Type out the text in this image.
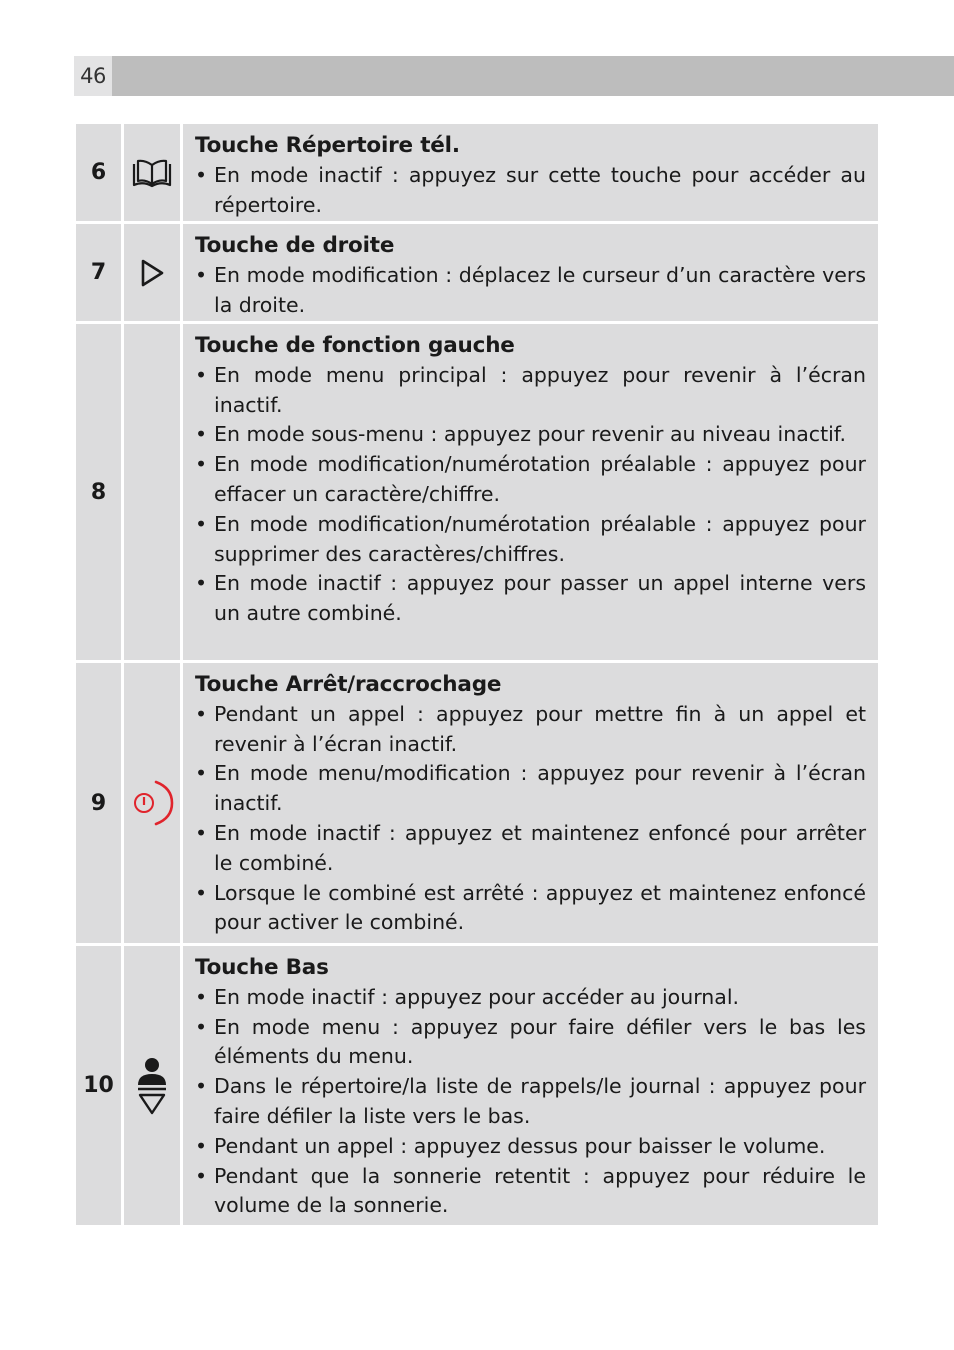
46
6
Touche Répertoire tél.
• En mode inactif : appuyez sur cette touche pour accéder au répertoire.
7
Touche de droite
• En mode modification : déplacez le curseur d’un caractère vers la droite.
8
Touche de fonction gauche
• En mode menu principal : appuyez pour revenir à l’écran inactif.
• En mode sous-menu : appuyez pour revenir au niveau inactif.
• En mode modification/numérotation préalable : appuyez pour effacer un caractère/chiffre.
• En mode modification/numérotation préalable : appuyez pour supprimer des caractères/chiffres.
• En mode inactif : appuyez pour passer un appel interne vers un autre combiné.
9
Touche Arrêt/raccrochage
• Pendant un appel : appuyez pour mettre fin à un appel et revenir à l’écran inactif.
• En mode menu/modification : appuyez pour revenir à l’écran inactif.
• En mode inactif : appuyez et maintenez enfoncé pour arrêter le combiné.
• Lorsque le combiné est arrêté : appuyez et maintenez enfoncé pour activer le combiné.
10
Touche Bas
• En mode inactif : appuyez pour accéder au journal.
• En mode menu : appuyez pour faire défiler vers le bas les éléments du menu.
• Dans le répertoire/la liste de rappels/le journal : appuyez pour faire défiler la liste vers le bas.
• Pendant un appel : appuyez dessus pour baisser le volume.
• Pendant que la sonnerie retentit : appuyez pour réduire le volume de la sonnerie.
